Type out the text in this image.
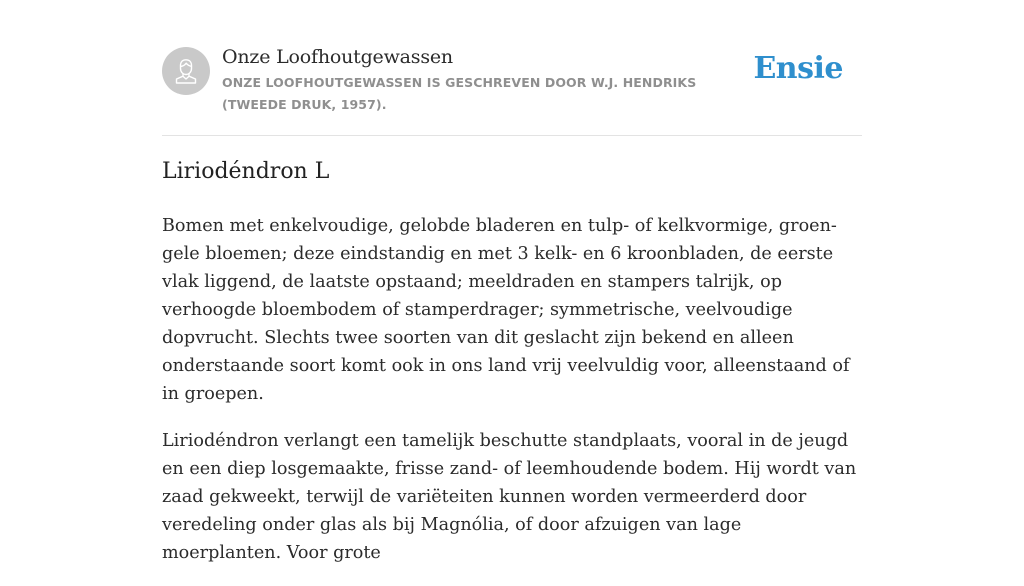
Onze Loofhoutgewassen
ONZE LOOFHOUTGEWASSEN IS GESCHREVEN DOOR W.J. HENDRIKS (TWEEDE DRUK, 1957).
Ensie
Liriodéndron L

Bomen met enkelvoudige, gelobde bladeren en tulp- of kelkvormige, groen-gele bloemen; deze eindstandig en met 3 kelk- en 6 kroonbladen, de eerste vlak liggend, de laatste opstaand; meeldraden en stampers talrijk, op verhoogde bloembodem of stamperdrager; symmetrische, veelvoudige dopvrucht. Slechts twee soorten van dit geslacht zijn bekend en alleen onderstaande soort komt ook in ons land vrij veelvuldig voor, alleenstaand of in groepen.

Liriodéndron verlangt een tamelijk beschutte standplaats, vooral in de jeugd en een diep losgemaakte, frisse zand- of leemhoudende bodem. Hij wordt van zaad gekweekt, terwijl de variëteiten kunnen worden vermeerderd door veredeling onder glas als bij Magnólia, of door afzuigen van lage moerplanten. Voor grote
